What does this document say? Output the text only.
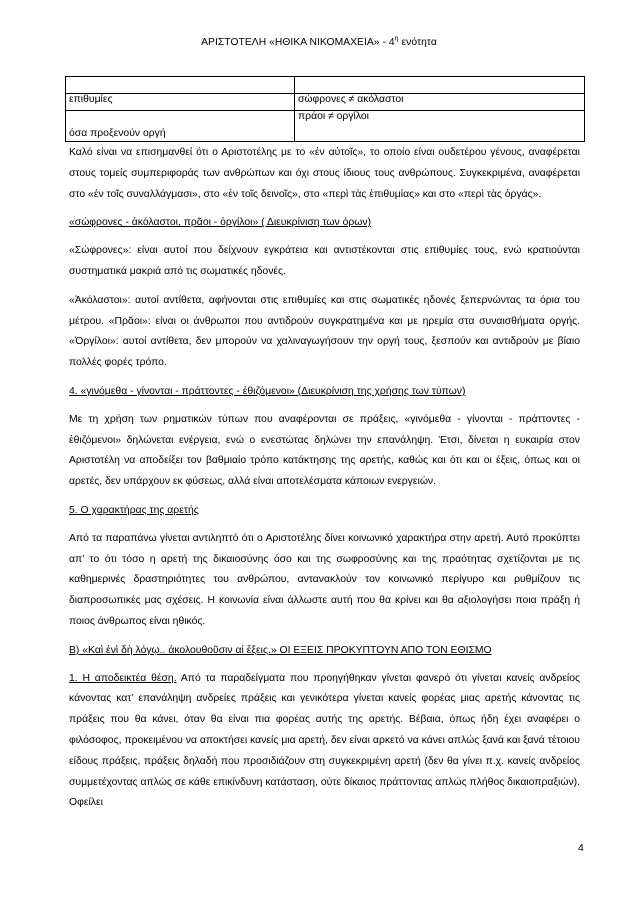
ΑΡΙΣΤΟΤΕΛΗ «ΗΘΙΚΑ ΝΙΚΟΜΑΧΕΙΑ» - $4^\eta$ ενότητα

επιθυμίες	σώφρονες ≠ ακόλαστοι
όσα προξενούν οργή	πράοι ≠ οργίλοι

Καλό είναι να επισημανθεί ότι ο Αριστοτέλης με το «ἐν αὐτοῖς», το οποίο είναι ουδετέρου γένους, αναφέρεται στους τομείς συμπεριφοράς των ανθρώπων και όχι στους ίδιους τους ανθρώπους. Συγκεκριμένα, αναφέρεται στο «ἐν τοῖς συναλλάγμασι», στο «ἐν τοῖς δεινοῖς», στο «περὶ τὰς ἐπιθυμίας» και στο «περὶ τὰς ὀργάς».

«σώφρονες - ἀκόλαστοι, πρᾶοι - ὀργίλοι» ( Διευκρίνιση των όρων)

«Σώφρονες»: είναι αυτοί που δείχνουν εγκράτεια και αντιστέκονται στις επιθυμίες τους, ενώ κρατιούνται συστηματικά μακριά από τις σωματικές ηδονές.

«Ἀκόλαστοι»: αυτοί αντίθετα, αφήνονται στις επιθυμίες και στις σωματικές ηδονές ξεπερνώντας τα όρια του μέτρου. «Πρᾶοι»: είναι οι άνθρωποι που αντιδρούν συγκρατημένα και με ηρεμία στα συναισθήματα οργής. «Ὀργίλοι»: αυτοί αντίθετα, δεν μπορούν να χαλιναγωγήσουν την οργή τους, ξεσπούν και αντιδρούν με βίαιο πολλές φορές τρόπο.

4. «γινόμεθα - γίνονται - πράττοντες - ἐθιζόμενοι» (Διευκρίνιση της χρήσης των τύπων)

Με τη χρήση των ρηματικών τύπων που αναφέρονται σε πράξεις, «γινόμεθα - γίνονται - πράττοντες - ἐθιζόμενοι» δηλώνεται ενέργεια, ενώ ο ενεστώτας δηλώνει την επανάληψη. Έτσι, δίνεται η ευκαιρία στον Αριστοτέλη να αποδείξει τον βαθμιαίο τρόπο κατάκτησης της αρετής, καθώς και ότι και οι έξεις, όπως και οι αρετές, δεν υπάρχουν εκ φύσεως, αλλά είναι αποτελέσματα κάποιων ενεργειών.

5. Ο χαρακτήρας της αρετής

Από τα παραπάνω γίνεται αντιληπτό ότι ο Αριστοτέλης δίνει κοινωνικό χαρακτήρα στην αρετή. Αυτό προκύπτει απ’ το ότι τόσο η αρετή της δικαιοσύνης όσο και της σωφροσύνης και της πραότητας σχετίζονται με τις καθημερινές δραστηριότητες του ανθρώπου, αντανακλούν τον κοινωνικό περίγυρο και ρυθμίζουν τις διαπροσωπικές μας σχέσεις. Η κοινωνία είναι άλλωστε αυτή που θα κρίνει και θα αξιολογήσει ποια πράξη ή ποιος άνθρωπος είναι ηθικός.

Β) «Καὶ ἑνὶ δὴ λόγῳ.. ἀκολουθοῦσιν αἱ ἕξεις.» ΟΙ ΕΞΕΙΣ ΠΡΟΚΥΠΤΟΥΝ ΑΠΟ ΤΟΝ ΕΘΙΣΜΟ

1. Η αποδεικτέα θέση. Από τα παραδείγματα που προηγήθηκαν γίνεται φανερό ότι γίνεται κανείς ανδρείος κάνοντας κατ’ επανάληψη ανδρείες πράξεις και γενικότερα γίνεται κανείς φορέας μιας αρετής κάνοντας τις πράξεις που θα κάνει, όταν θα είναι πια φορέας αυτής της αρετής. Βέβαια, όπως ήδη έχει αναφέρει ο φιλόσοφος, προκειμένου να αποκτήσει κανείς μια αρετή, δεν είναι αρκετό να κάνει απλώς ξανά και ξανά τέτοιου είδους πράξεις, πράξεις δηλαδή που προσιδιάζουν στη συγκεκριμένη αρετή (δεν θα γίνει π.χ. κανείς ανδρείος συμμετέχοντας απλώς σε κάθε επικίνδυνη κατάσταση, ούτε δίκαιος πράττοντας απλώς πλήθος δικαιοπραξιών). Οφείλει

4
